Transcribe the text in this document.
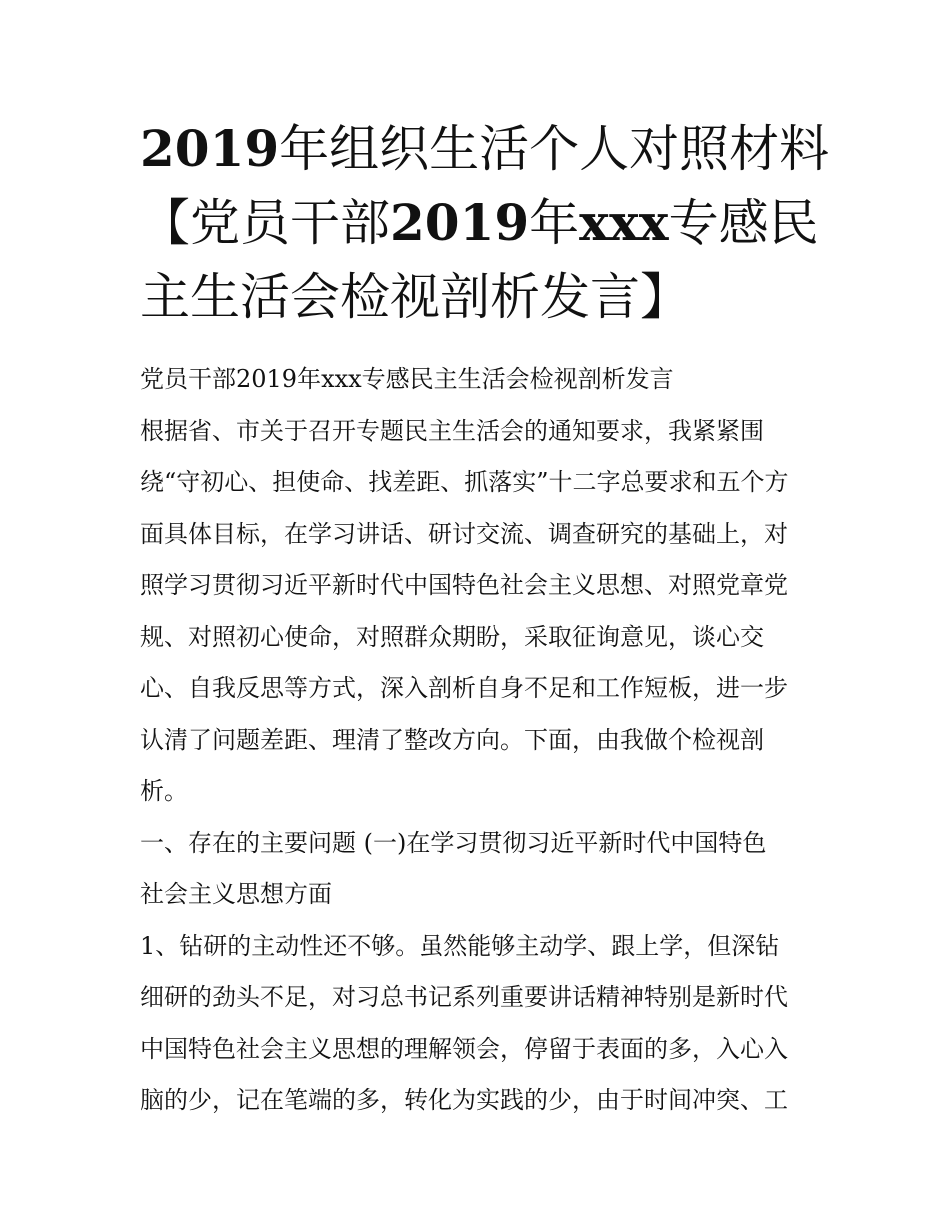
2019年组织生活个人对照材料
【党员干部2019年xxx专感民
主生活会检视剖析发言】
党员干部2019年xxx专感民主生活会检视剖析发言
根据省、市关于召开专题民主生活会的通知要求，我紧紧围
绕“守初心、担使命、找差距、抓落实”十二字总要求和五个方
面具体目标，在学习讲话、研讨交流、调查研究的基础上，对
照学习贯彻习近平新时代中国特色社会主义思想、对照党章党
规、对照初心使命，对照群众期盼，采取征询意见，谈心交
心、自我反思等方式，深入剖析自身不足和工作短板，进一步
认清了问题差距、理清了整改方向。下面，由我做个检视剖
析。
一、存在的主要问题 (一)在学习贯彻习近平新时代中国特色
社会主义思想方面
1、钻研的主动性还不够。虽然能够主动学、跟上学，但深钻
细研的劲头不足，对习总书记系列重要讲话精神特别是新时代
中国特色社会主义思想的理解领会，停留于表面的多，入心入
脑的少，记在笔端的多，转化为实践的少，由于时间冲突、工
